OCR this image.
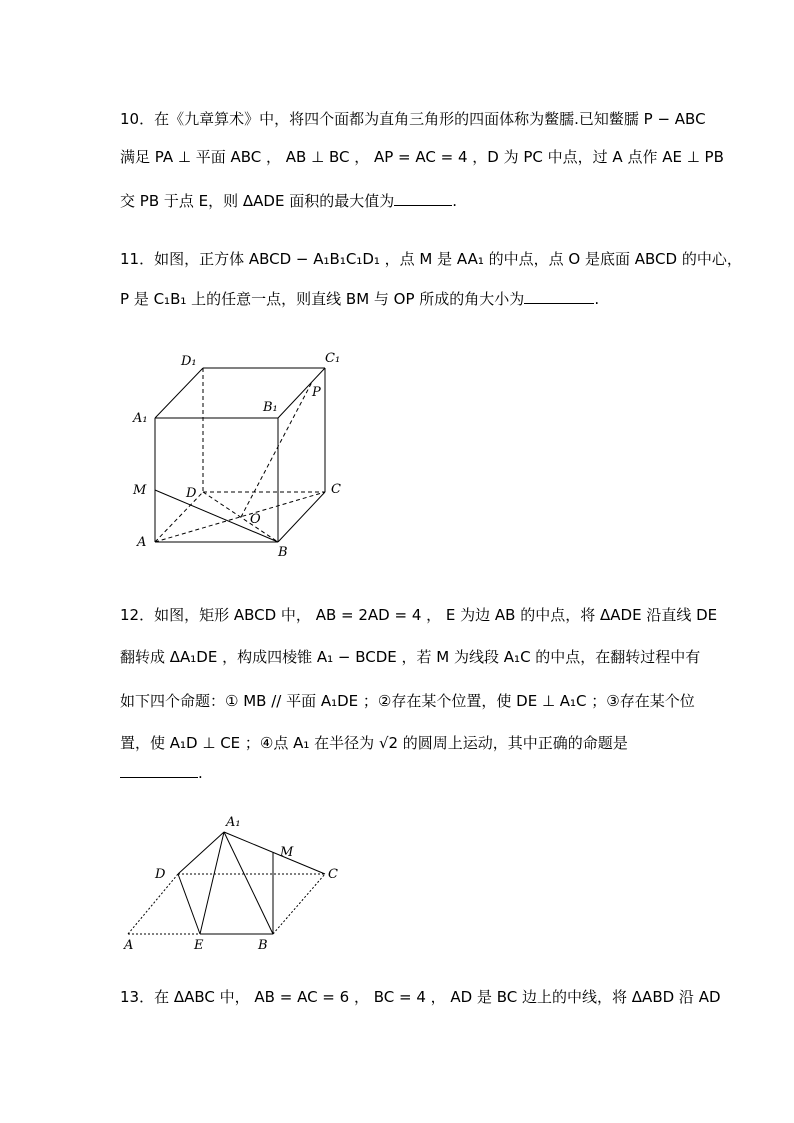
10．在《九章算术》中，将四个面都为直角三角形的四面体称为鳖臑.已知鳖臑 P − ABC
满足 PA ⊥ 平面 ABC ， AB ⊥ BC ， AP = AC = 4 ，D 为 PC 中点，过 A 点作 AE ⊥ PB
交 PB 于点 E，则 ΔADE 面积的最大值为	.
11．如图，正方体 ABCD − A₁B₁C₁D₁ ，点 M 是 AA₁ 的中点，点 O 是底面 ABCD 的中心，
P 是 C₁B₁ 上的任意一点，则直线 BM 与 OP 所成的角大小为	.
D₁	C₁
P
A₁
B₁
M	D	C
O
A
B
12．如图，矩形 ABCD 中， AB = 2AD = 4 ， E 为边 AB 的中点，将 ΔADE 沿直线 DE
翻转成 ΔA₁DE ，构成四棱锥 A₁ − BCDE ，若 M 为线段 A₁C 的中点，在翻转过程中有
如下四个命题：① MB // 平面 A₁DE ；②存在某个位置，使 DE ⊥ A₁C ；③存在某个位
置，使 A₁D ⊥ CE ；④点 A₁ 在半径为 √2 的圆周上运动，其中正确的命题是
.
A₁
M
D	C
A	E	B
13．在 ΔABC 中， AB = AC = 6 ， BC = 4 ， AD 是 BC 边上的中线，将 ΔABD 沿 AD
